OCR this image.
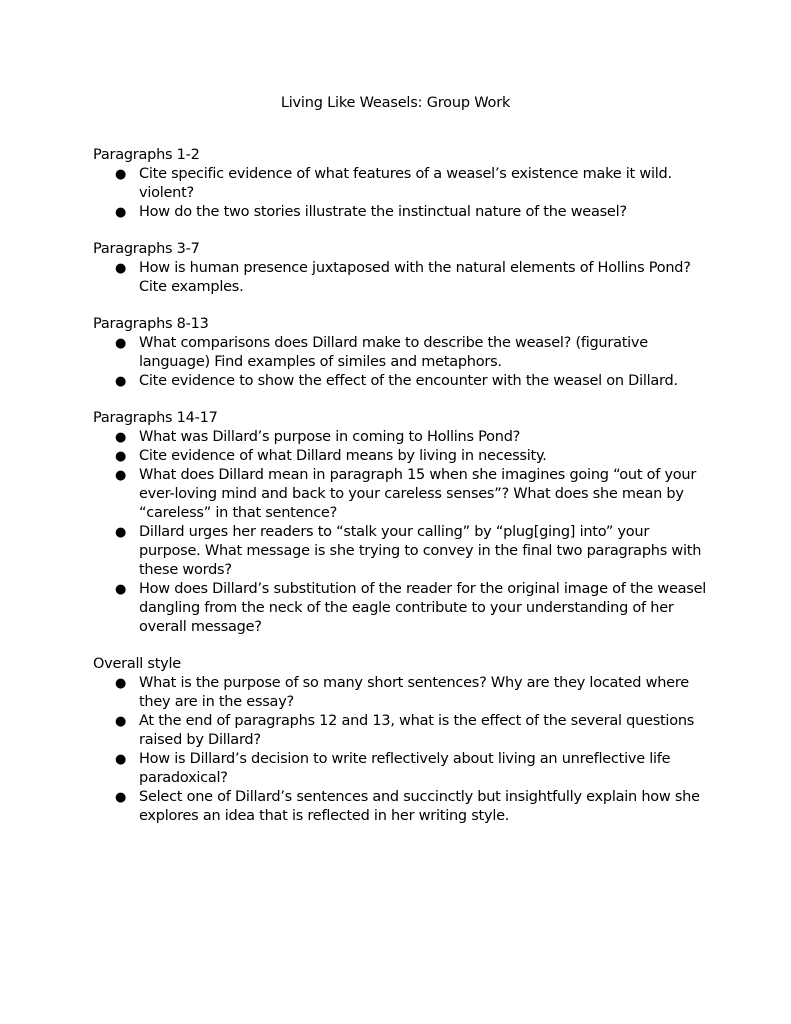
Living Like Weasels: Group Work
Paragraphs 1-2
● Cite specific evidence of what features of a weasel’s existence make it wild. violent?
● How do the two stories illustrate the instinctual nature of the weasel?
Paragraphs 3-7
● How is human presence juxtaposed with the natural elements of Hollins Pond? Cite examples.
Paragraphs 8-13
● What comparisons does Dillard make to describe the weasel? (figurative language) Find examples of similes and metaphors.
● Cite evidence to show the effect of the encounter with the weasel on Dillard.
Paragraphs 14-17
● What was Dillard’s purpose in coming to Hollins Pond?
● Cite evidence of what Dillard means by living in necessity.
● What does Dillard mean in paragraph 15 when she imagines going “out of your ever-loving mind and back to your careless senses”? What does she mean by “careless” in that sentence?
● Dillard urges her readers to “stalk your calling” by “plug[ging] into” your purpose. What message is she trying to convey in the final two paragraphs with these words?
● How does Dillard’s substitution of the reader for the original image of the weasel dangling from the neck of the eagle contribute to your understanding of her overall message?
Overall style
● What is the purpose of so many short sentences? Why are they located where they are in the essay?
● At the end of paragraphs 12 and 13, what is the effect of the several questions raised by Dillard?
● How is Dillard’s decision to write reflectively about living an unreflective life paradoxical?
● Select one of Dillard’s sentences and succinctly but insightfully explain how she explores an idea that is reflected in her writing style.
